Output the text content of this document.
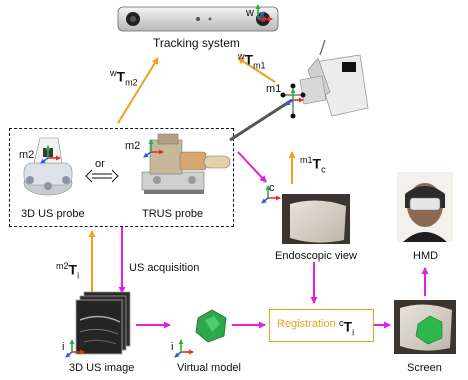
Tracking system
w
m1
m2
m2
or
3D US probe	TRUS probe
c
Endoscopic view	HMD
US acquisition
i	i
3D US image	Virtual model	Screen
$^wT_{m2}$
$^wT_{m1}$
$^{m1}T_c$
$^{m2}T_i$
Registration $^cT_i$
